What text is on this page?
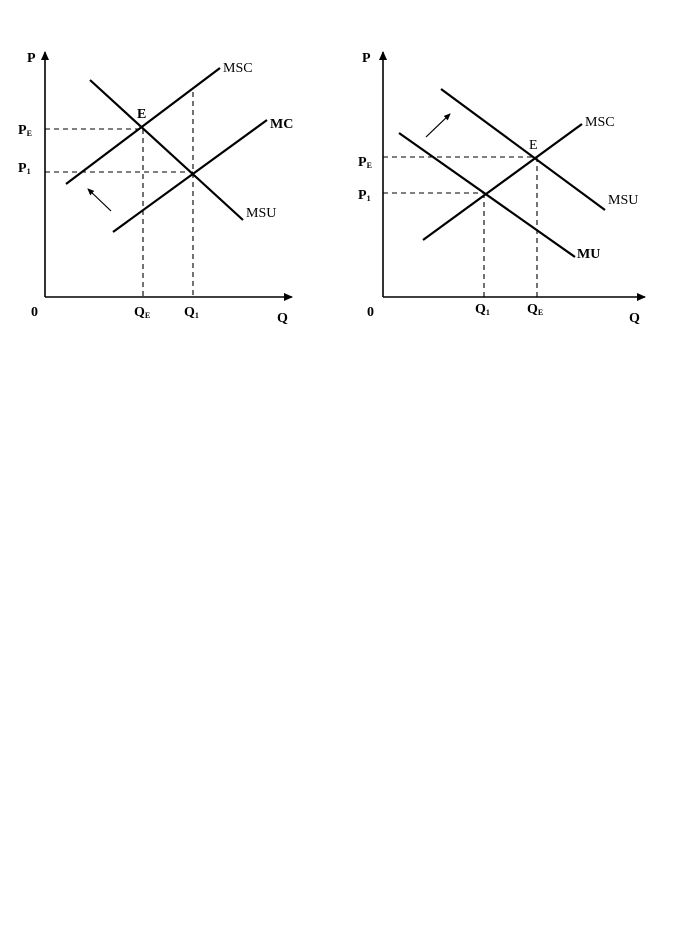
P
Q
0
PE
P1
QE Q1
E
MSC
MC
MSU
P
Q
0
PE
P1
Q1	QE
E
MSC
MSU
MU
